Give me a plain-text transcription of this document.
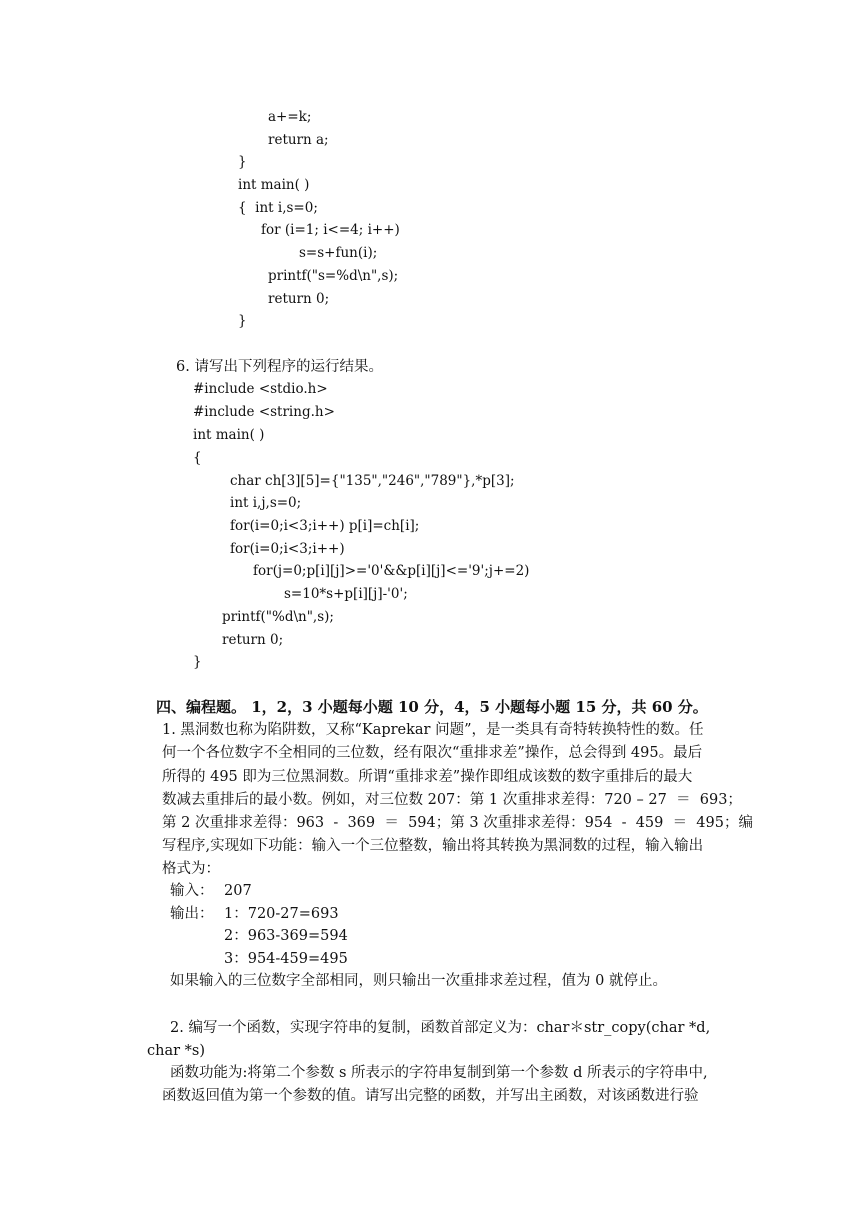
a+=k;
return a;
}
int main( )
{  int i,s=0;
for (i=1; i<=4; i++)
s=s+fun(i);
printf("s=%d\n",s);
return 0;
}
6. 请写出下列程序的运行结果。
#include <stdio.h>
#include <string.h>
int main( )
{
char ch[3][5]={"135","246","789"},*p[3];
int i,j,s=0;
for(i=0;i<3;i++) p[i]=ch[i];
for(i=0;i<3;i++)
for(j=0;p[i][j]>='0'&&p[i][j]<='9';j+=2)
s=10*s+p[i][j]-'0';
printf("%d\n",s);
return 0;
}
四、编程题。 1，2，3 小题每小题 10 分，4，5 小题每小题 15 分，共 60 分。
1. 黑洞数也称为陷阱数，又称“Kaprekar 问题”，是一类具有奇特转换特性的数。任
何一个各位数字不全相同的三位数，经有限次“重排求差”操作，总会得到 495。最后
所得的 495 即为三位黑洞数。所谓“重排求差”操作即组成该数的数字重排后的最大
数减去重排后的最小数。例如，对三位数 207：第 1 次重排求差得：720 – 27  ＝  693；
第 2 次重排求差得：963  -  369  ＝  594；第 3 次重排求差得：954  -  459  ＝  495；编
写程序,实现如下功能：输入一个三位整数，输出将其转换为黑洞数的过程，输入输出
格式为：
输入： 207
输出： 1：720-27=693
2：963-369=594
3：954-459=495
如果输入的三位数字全部相同，则只输出一次重排求差过程，值为 0 就停止。
2. 编写一个函数，实现字符串的复制，函数首部定义为：char＊str_copy(char *d,
char *s)
函数功能为:将第二个参数 s 所表示的字符串复制到第一个参数 d 所表示的字符串中,
函数返回值为第一个参数的值。请写出完整的函数，并写出主函数，对该函数进行验
